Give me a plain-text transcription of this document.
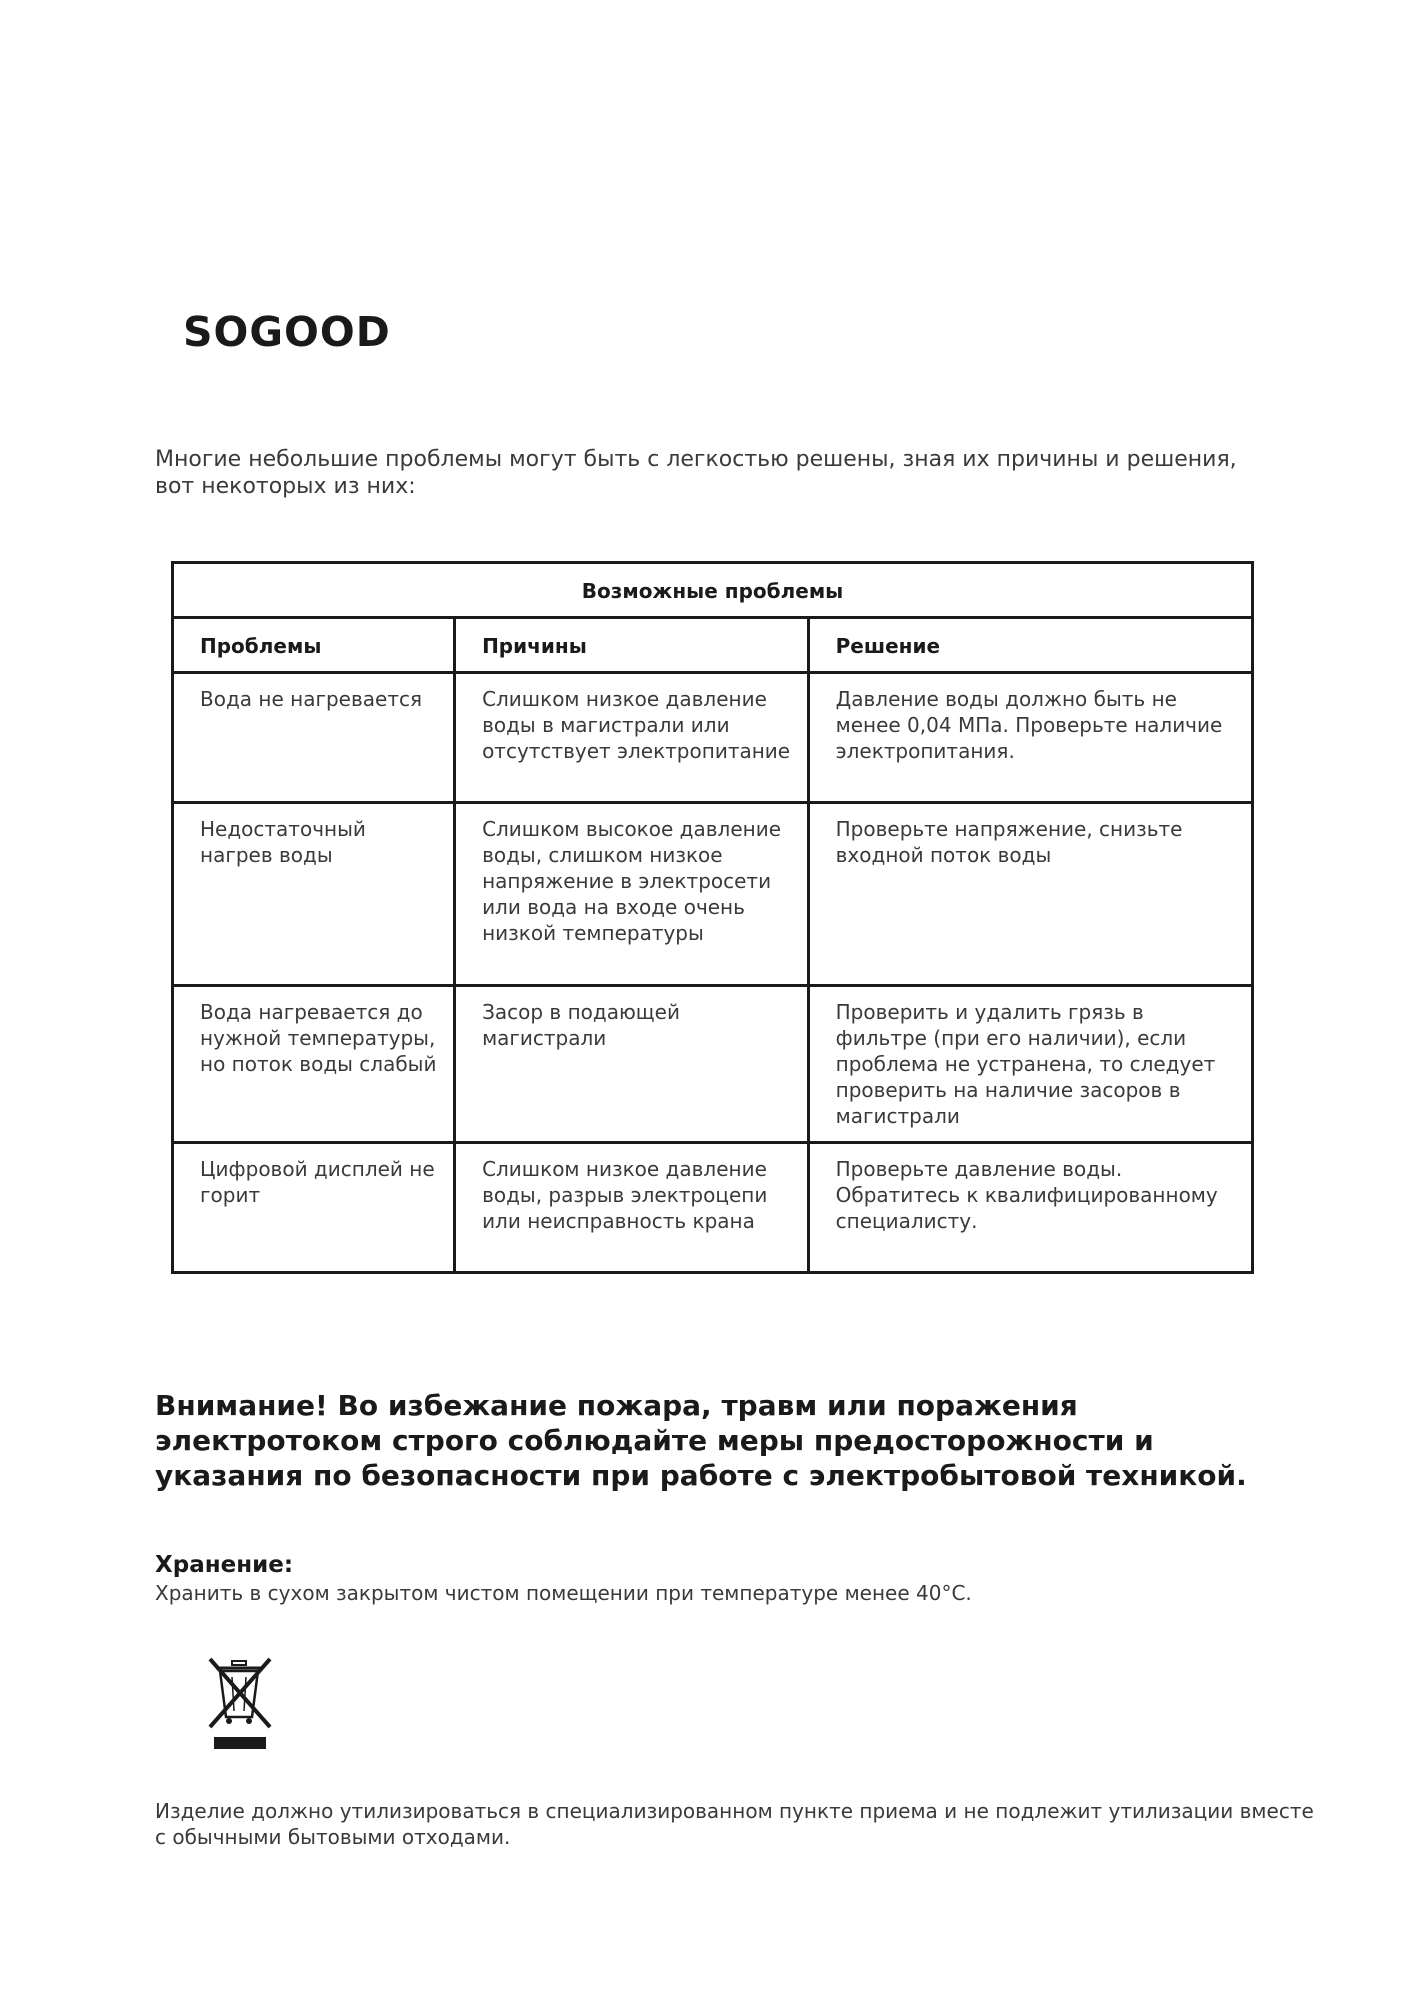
SOGOOD
Многие небольшие проблемы могут быть с легкостью решены, зная их причины и решения, вот некоторых из них:
Возможные проблемы		
Проблемы	Причины	Решение
Вода не нагревается	Слишком низкое давление воды в магистрали или отсутствует электропитание	Давление воды должно быть не менее 0,04 МПа. Проверьте наличие электропитания.
Недостаточный нагрев воды	Слишком высокое давление воды, слишком низкое напряжение в электросети или вода на входе очень низкой температуры	Проверьте напряжение, снизьте входной поток воды
Вода нагревается до нужной температуры, но поток воды слабый	Засор в подающей магистрали	Проверить и удалить грязь в фильтре (при его наличии), если проблема не устранена, то следует проверить на наличие засоров в магистрали
Цифровой дисплей не горит	Слишком низкое давление воды, разрыв электроцепи или неисправность крана	Проверьте давление воды. Обратитесь к квалифицированному специалисту.
Внимание! Во избежание пожара, травм или поражения электротоком строго соблюдайте меры предосторожности и указания по безопасности при работе с электробытовой техникой.
Хранение:
Хранить в сухом закрытом чистом помещении при температуре менее 40°С.
Изделие должно утилизироваться в специализированном пункте приема и не подлежит утилизации вместе с обычными бытовыми отходами.
